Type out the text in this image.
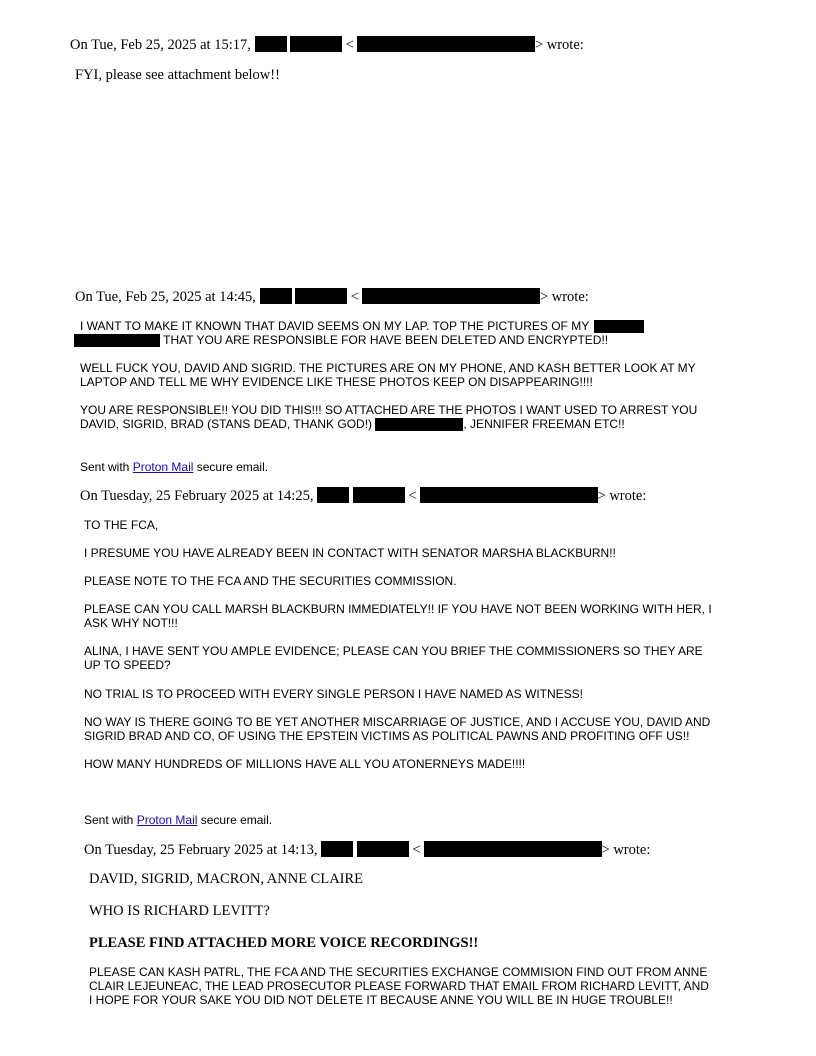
On Tue, Feb 25, 2025 at 15:17,	<	> wrote:
FYI, please see attachment below!!
On Tue, Feb 25, 2025 at 14:45,	<	> wrote:
I WANT TO MAKE IT KNOWN THAT DAVID SEEMS ON MY LAP. TOP THE PICTURES OF MY
THAT YOU ARE RESPONSIBLE FOR HAVE BEEN DELETED AND ENCRYPTED!!
WELL FUCK YOU, DAVID AND SIGRID. THE PICTURES ARE ON MY PHONE, AND KASH BETTER LOOK AT MY
LAPTOP AND TELL ME WHY EVIDENCE LIKE THESE PHOTOS KEEP ON DISAPPEARING!!!!
YOU ARE RESPONSIBLE!! YOU DID THIS!!! SO ATTACHED ARE THE PHOTOS I WANT USED TO ARREST YOU
DAVID, SIGRID, BRAD (STANS DEAD, THANK GOD!)	, JENNIFER FREEMAN ETC!!
Sent with Proton Mail secure email.
On Tuesday, 25 February 2025 at 14:25,	<	> wrote:
TO THE FCA,
I PRESUME YOU HAVE ALREADY BEEN IN CONTACT WITH SENATOR MARSHA BLACKBURN!!
PLEASE NOTE TO THE FCA AND THE SECURITIES COMMISSION.
PLEASE CAN YOU CALL MARSH BLACKBURN IMMEDIATELY!! IF YOU HAVE NOT BEEN WORKING WITH HER, I
ASK WHY NOT!!!
ALINA, I HAVE SENT YOU AMPLE EVIDENCE; PLEASE CAN YOU BRIEF THE COMMISSIONERS SO THEY ARE
UP TO SPEED?
NO TRIAL IS TO PROCEED WITH EVERY SINGLE PERSON I HAVE NAMED AS WITNESS!
NO WAY IS THERE GOING TO BE YET ANOTHER MISCARRIAGE OF JUSTICE, AND I ACCUSE YOU, DAVID AND
SIGRID BRAD AND CO, OF USING THE EPSTEIN VICTIMS AS POLITICAL PAWNS AND PROFITING OFF US!!
HOW MANY HUNDREDS OF MILLIONS HAVE ALL YOU ATONERNEYS MADE!!!!
Sent with Proton Mail secure email.
On Tuesday, 25 February 2025 at 14:13,	<	> wrote:
DAVID, SIGRID, MACRON, ANNE CLAIRE
WHO IS RICHARD LEVITT?
PLEASE FIND ATTACHED MORE VOICE RECORDINGS!!
PLEASE CAN KASH PATRL, THE FCA AND THE SECURITIES EXCHANGE COMMISION FIND OUT FROM ANNE
CLAIR LEJEUNEAC, THE LEAD PROSECUTOR PLEASE FORWARD THAT EMAIL FROM RICHARD LEVITT, AND
I HOPE FOR YOUR SAKE YOU DID NOT DELETE IT BECAUSE ANNE YOU WILL BE IN HUGE TROUBLE!!
